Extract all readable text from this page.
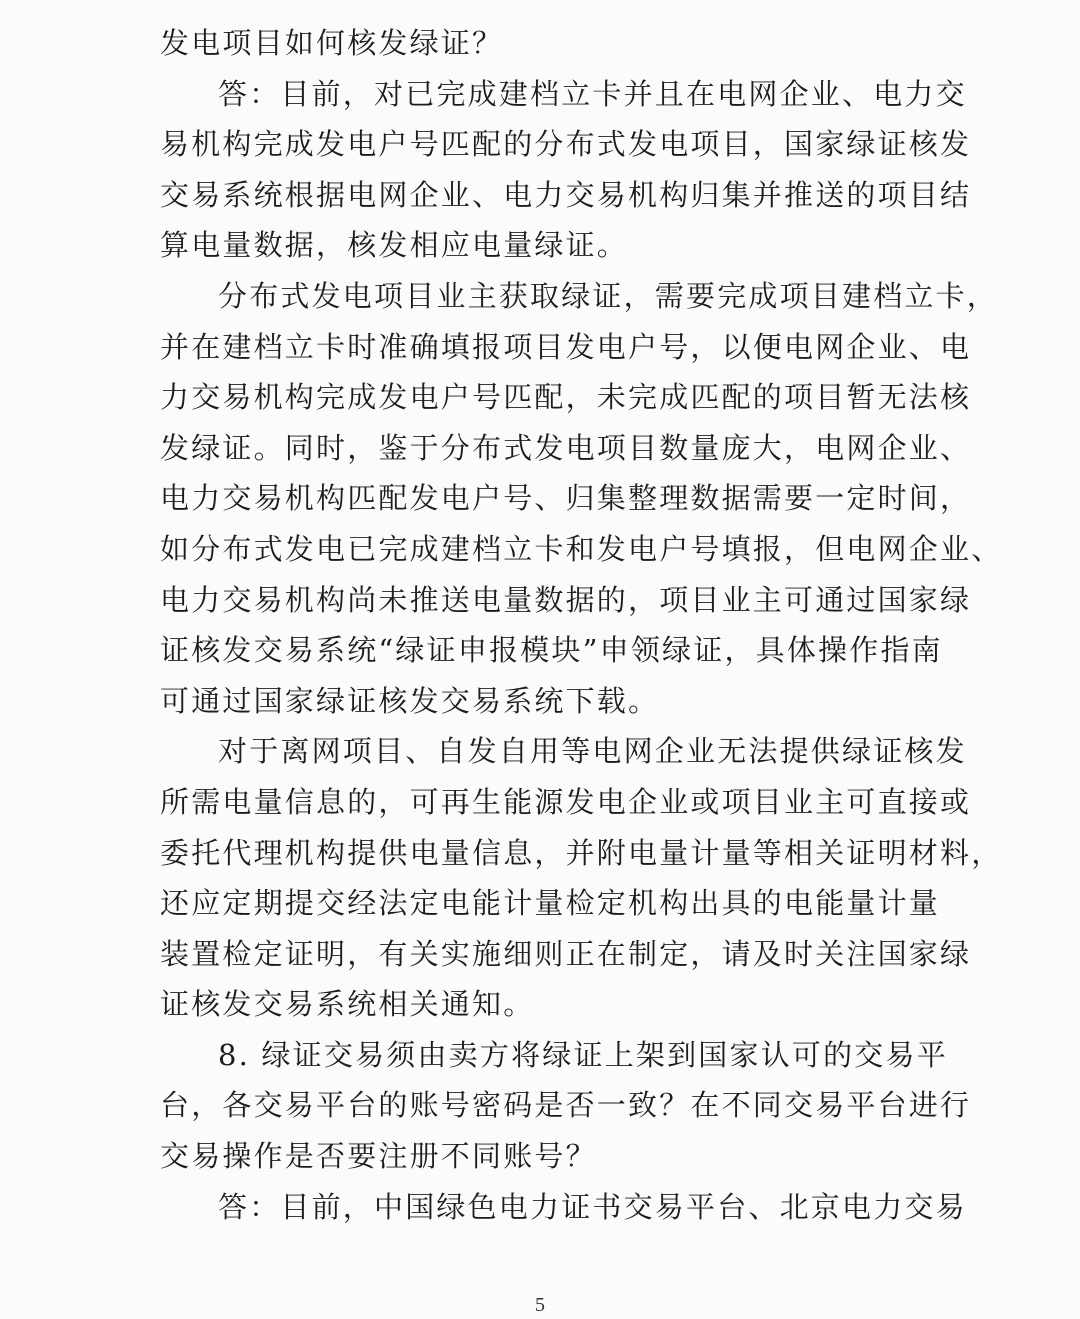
发电项目如何核发绿证？
答：目前，对已完成建档立卡并且在电网企业、电力交
易机构完成发电户号匹配的分布式发电项目，国家绿证核发
交易系统根据电网企业、电力交易机构归集并推送的项目结
算电量数据，核发相应电量绿证。
分布式发电项目业主获取绿证，需要完成项目建档立卡，
并在建档立卡时准确填报项目发电户号，以便电网企业、电
力交易机构完成发电户号匹配，未完成匹配的项目暂无法核
发绿证。同时，鉴于分布式发电项目数量庞大，电网企业、
电力交易机构匹配发电户号、归集整理数据需要一定时间，
如分布式发电已完成建档立卡和发电户号填报，但电网企业、
电力交易机构尚未推送电量数据的，项目业主可通过国家绿
证核发交易系统“绿证申报模块”申领绿证，具体操作指南
可通过国家绿证核发交易系统下载。
对于离网项目、自发自用等电网企业无法提供绿证核发
所需电量信息的，可再生能源发电企业或项目业主可直接或
委托代理机构提供电量信息，并附电量计量等相关证明材料，
还应定期提交经法定电能计量检定机构出具的电能量计量
装置检定证明，有关实施细则正在制定，请及时关注国家绿
证核发交易系统相关通知。
8. 绿证交易须由卖方将绿证上架到国家认可的交易平
台，各交易平台的账号密码是否一致？在不同交易平台进行
交易操作是否要注册不同账号？
答：目前，中国绿色电力证书交易平台、北京电力交易
5
